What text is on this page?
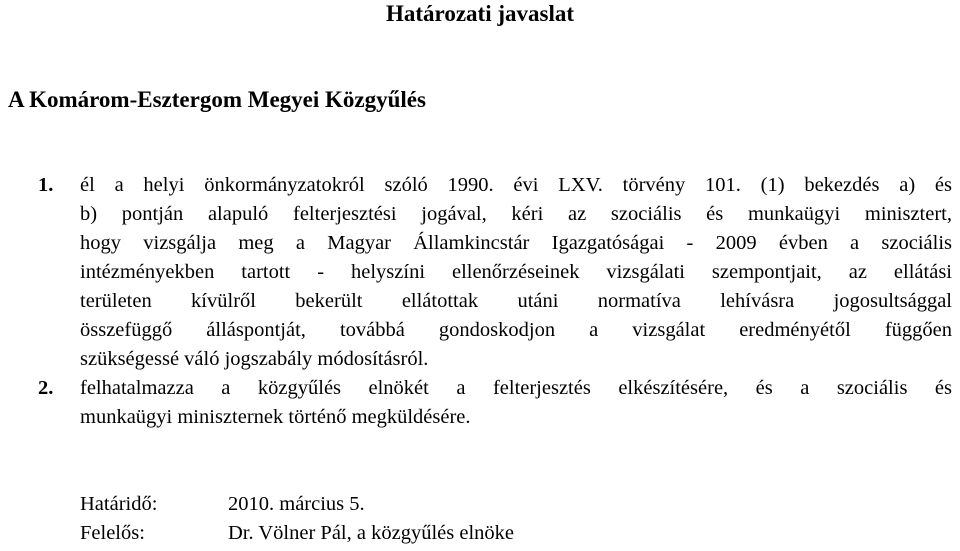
Határozati javaslat
A Komárom-Esztergom Megyei Közgyűlés
1. él a helyi önkormányzatokról szóló 1990. évi LXV. törvény 101. (1) bekezdés a) és
b) pontján alapuló felterjesztési jogával, kéri az szociális és munkaügyi minisztert,
hogy vizsgálja meg a Magyar Államkincstár Igazgatóságai - 2009 évben a szociális
intézményekben tartott - helyszíni ellenőrzéseinek vizsgálati szempontjait, az ellátási
területen kívülről bekerült ellátottak utáni normatíva lehívásra jogosultsággal
összefüggő álláspontját, továbbá gondoskodjon a vizsgálat eredményétől függően
szükségessé váló jogszabály módosításról.
2. felhatalmazza a közgyűlés elnökét a felterjesztés elkészítésére, és a szociális és
munkaügyi miniszternek történő megküldésére.
Határidő:	2010. március 5.
Felelős:	Dr. Völner Pál, a közgyűlés elnöke
